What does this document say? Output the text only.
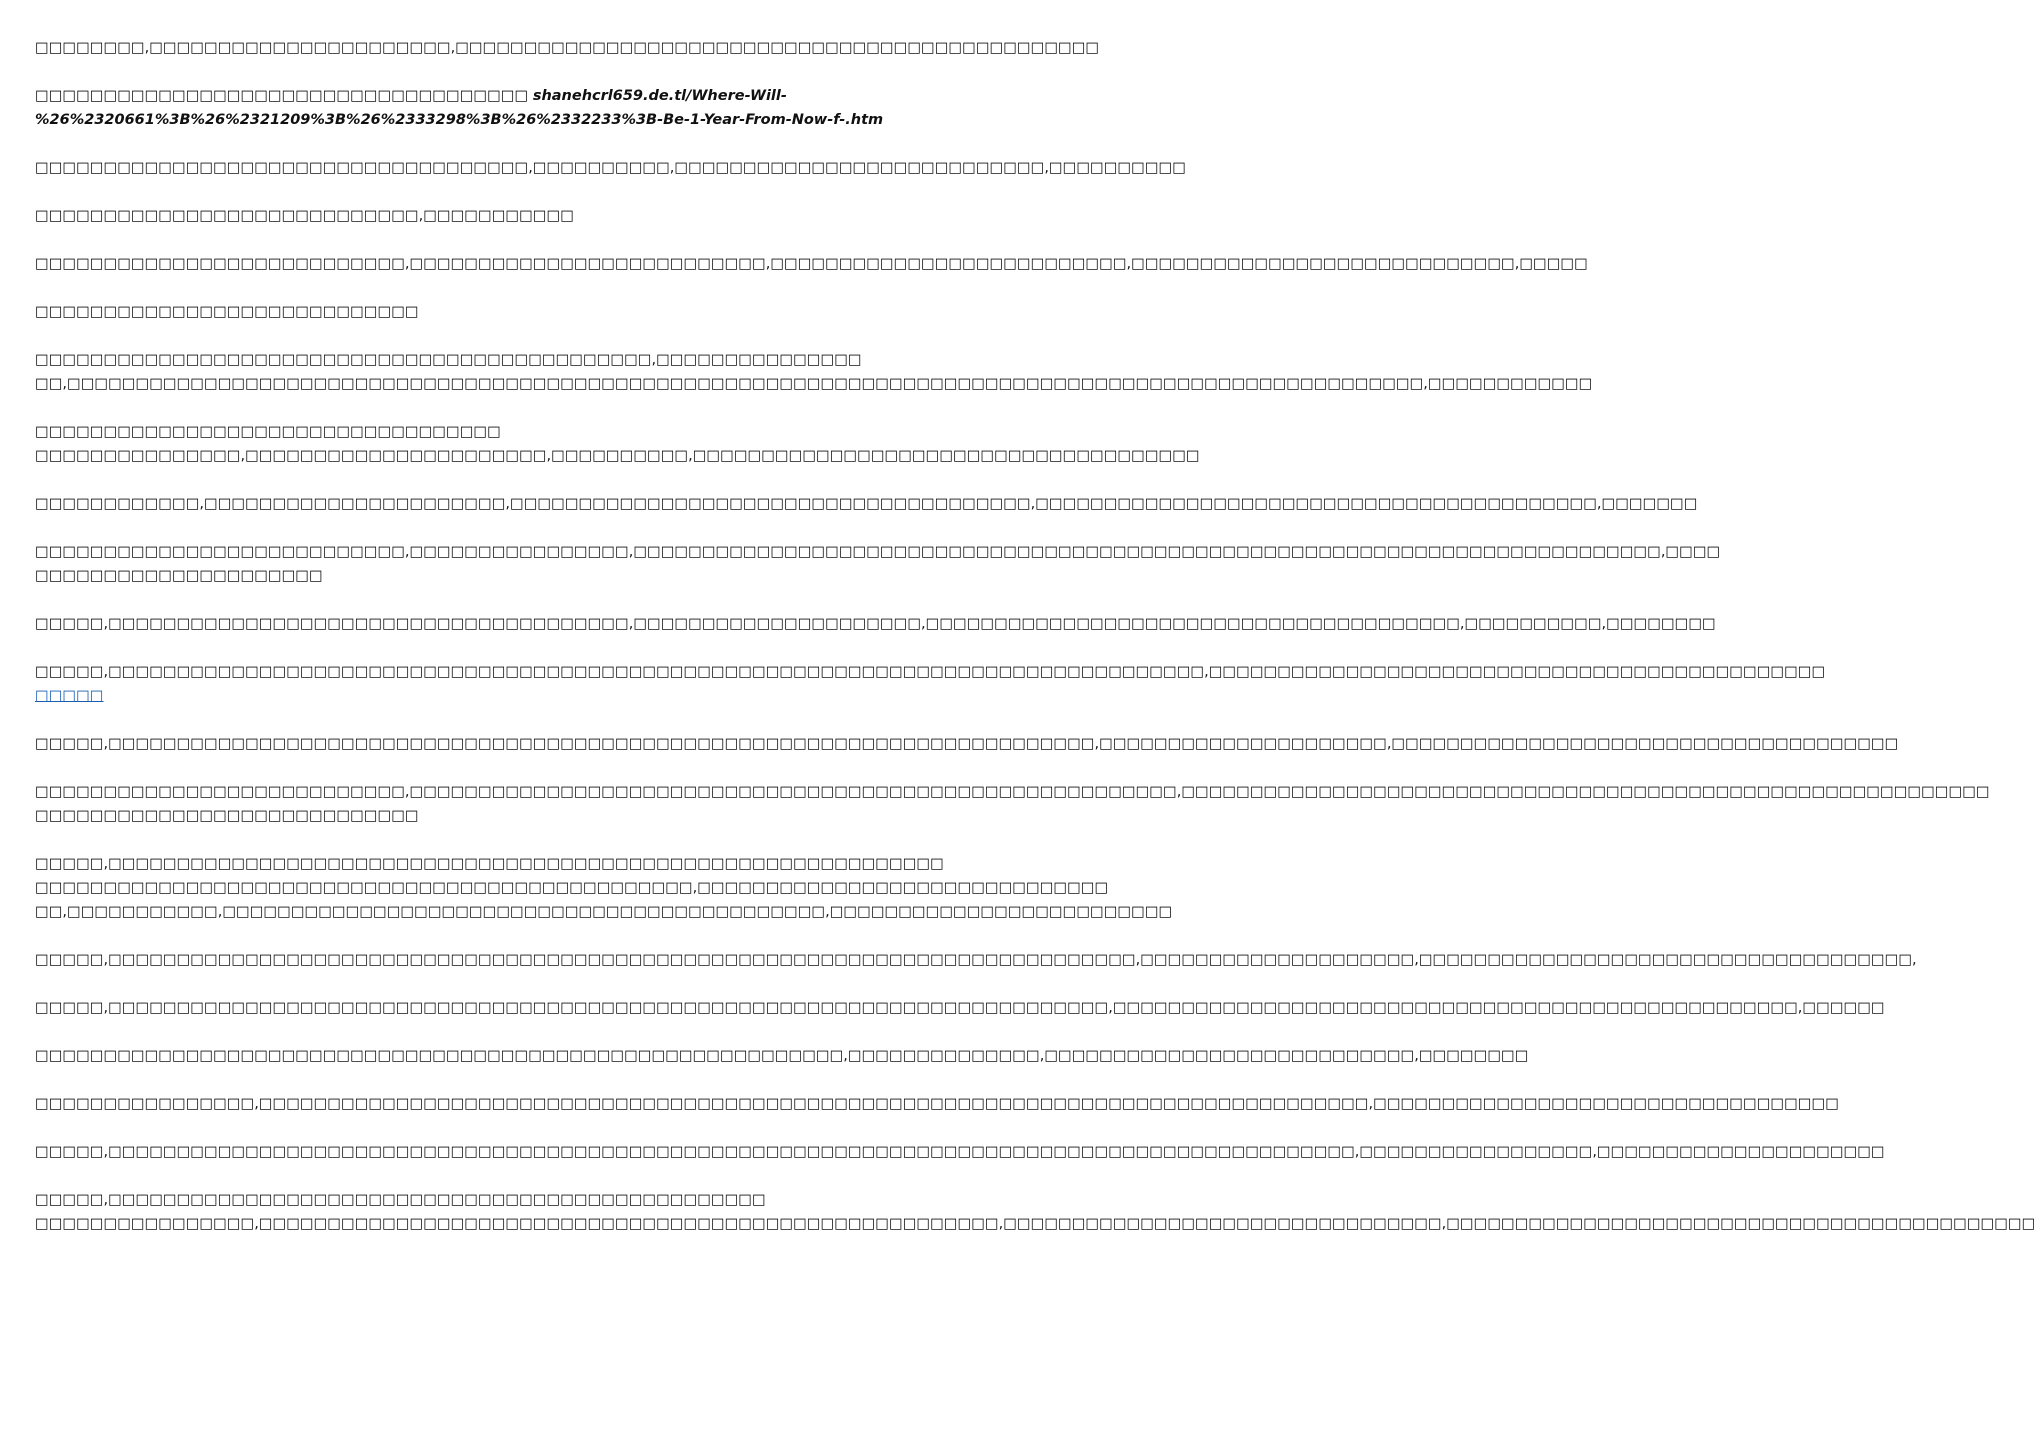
□□□□□□□□,□□□□□□□□□□□□□□□□□□□□□□,□□□□□□□□□□□□□□□□□□□□□□□□□□□□□□□□□□□□□□□□□□□□□□□

□□□□□□□□□□□□□□□□□□□□□□□□□□□□□□□□□□□□ shanehcrl659.de.tl/Where-Will-
%26%2320661%3B%26%2321209%3B%26%2333298%3B%26%2332233%3B-Be-1-Year-From-Now-f-.htm

□□□□□□□□□□□□□□□□□□□□□□□□□□□□□□□□□□□□,□□□□□□□□□□,□□□□□□□□□□□□□□□□□□□□□□□□□□□,□□□□□□□□□□

□□□□□□□□□□□□□□□□□□□□□□□□□□□□,□□□□□□□□□□□

□□□□□□□□□□□□□□□□□□□□□□□□□□□,□□□□□□□□□□□□□□□□□□□□□□□□□□,□□□□□□□□□□□□□□□□□□□□□□□□□□,□□□□□□□□□□□□□□□□□□□□□□□□□□□□,□□□□□

□□□□□□□□□□□□□□□□□□□□□□□□□□□□

□□□□□□□□□□□□□□□□□□□□□□□□□□□□□□□□□□□□□□□□□□□□□,□□□□□□□□□□□□□□□
□□,□□□□□□□□□□□□□□□□□□□□□□□□□□□□□□□□□□□□□□□□□□□□□□□□□□□□□□□□□□□□□□□□□□□□□□□□□□□□□□□□□□□□□□□□□□□□□□□□□□□,□□□□□□□□□□□□

□□□□□□□□□□□□□□□□□□□□□□□□□□□□□□□□□□
□□□□□□□□□□□□□□□,□□□□□□□□□□□□□□□□□□□□□□,□□□□□□□□□□,□□□□□□□□□□□□□□□□□□□□□□□□□□□□□□□□□□□□□

□□□□□□□□□□□□,□□□□□□□□□□□□□□□□□□□□□□,□□□□□□□□□□□□□□□□□□□□□□□□□□□□□□□□□□□□□□,□□□□□□□□□□□□□□□□□□□□□□□□□□□□□□□□□□□□□□□□□,□□□□□□□

□□□□□□□□□□□□□□□□□□□□□□□□□□□,□□□□□□□□□□□□□□□□,□□□□□□□□□□□□□□□□□□□□□□□□□□□□□□□□□□□□□□□□□□□□□□□□□□□□□□□□□□□□□□□□□□□□□□□□□□□,□□□□
□□□□□□□□□□□□□□□□□□□□□

□□□□□,□□□□□□□□□□□□□□□□□□□□□□□□□□□□□□□□□□□□□□,□□□□□□□□□□□□□□□□□□□□□,□□□□□□□□□□□□□□□□□□□□□□□□□□□□□□□□□□□□□□□,□□□□□□□□□□,□□□□□□□□

□□□□□,□□□□□□□□□□□□□□□□□□□□□□□□□□□□□□□□□□□□□□□□□□□□□□□□□□□□□□□□□□□□□□□□□□□□□□□□□□□□□□□□,□□□□□□□□□□□□□□□□□□□□□□□□□□□□□□□□□□□□□□□□□□□□□
□□□□□

□□□□□,□□□□□□□□□□□□□□□□□□□□□□□□□□□□□□□□□□□□□□□□□□□□□□□□□□□□□□□□□□□□□□□□□□□□□□□□,□□□□□□□□□□□□□□□□□□□□□,□□□□□□□□□□□□□□□□□□□□□□□□□□□□□□□□□□□□□

□□□□□□□□□□□□□□□□□□□□□□□□□□□,□□□□□□□□□□□□□□□□□□□□□□□□□□□□□□□□□□□□□□□□□□□□□□□□□□□□□□□□,□□□□□□□□□□□□□□□□□□□□□□□□□□□□□□□□□□□□□□□□□□□□□□□□□□□□□□□□□□□
□□□□□□□□□□□□□□□□□□□□□□□□□□□□

□□□□□,□□□□□□□□□□□□□□□□□□□□□□□□□□□□□□□□□□□□□□□□□□□□□□□□□□□□□□□□□□□□□
□□□□□□□□□□□□□□□□□□□□□□□□□□□□□□□□□□□□□□□□□□□□□□□□,□□□□□□□□□□□□□□□□□□□□□□□□□□□□□□
□□,□□□□□□□□□□□,□□□□□□□□□□□□□□□□□□□□□□□□□□□□□□□□□□□□□□□□□□□□,□□□□□□□□□□□□□□□□□□□□□□□□□

□□□□□,□□□□□□□□□□□□□□□□□□□□□□□□□□□□□□□□□□□□□□□□□□□□□□□□□□□□□□□□□□□□□□□□□□□□□□□□□□□,□□□□□□□□□□□□□□□□□□□□,□□□□□□□□□□□□□□□□□□□□□□□□□□□□□□□□□□□□,

□□□□□,□□□□□□□□□□□□□□□□□□□□□□□□□□□□□□□□□□□□□□□□□□□□□□□□□□□□□□□□□□□□□□□□□□□□□□□□□,□□□□□□□□□□□□□□□□□□□□□□□□□□□□□□□□□□□□□□□□□□□□□□□□□□,□□□□□□

□□□□□□□□□□□□□□□□□□□□□□□□□□□□□□□□□□□□□□□□□□□□□□□□□□□□□□□□□□□,□□□□□□□□□□□□□□,□□□□□□□□□□□□□□□□□□□□□□□□□□□,□□□□□□□□

□□□□□□□□□□□□□□□□,□□□□□□□□□□□□□□□□□□□□□□□□□□□□□□□□□□□□□□□□□□□□□□□□□□□□□□□□□□□□□□□□□□□□□□□□□□□□□□□□□,□□□□□□□□□□□□□□□□□□□□□□□□□□□□□□□□□□

□□□□□,□□□□□□□□□□□□□□□□□□□□□□□□□□□□□□□□□□□□□□□□□□□□□□□□□□□□□□□□□□□□□□□□□□□□□□□□□□□□□□□□□□□□□□□□□□□,□□□□□□□□□□□□□□□□□,□□□□□□□□□□□□□□□□□□□□□

□□□□□,□□□□□□□□□□□□□□□□□□□□□□□□□□□□□□□□□□□□□□□□□□□□□□□□
□□□□□□□□□□□□□□□□,□□□□□□□□□□□□□□□□□□□□□□□□□□□□□□□□□□□□□□□□□□□□□□□□□□□□□□,□□□□□□□□□□□□□□□□□□□□□□□□□□□□□□□□,□□□□□□□□□□□□□□□□□□□□□□□□□□□□□□□□□□□□□□□□□□□
